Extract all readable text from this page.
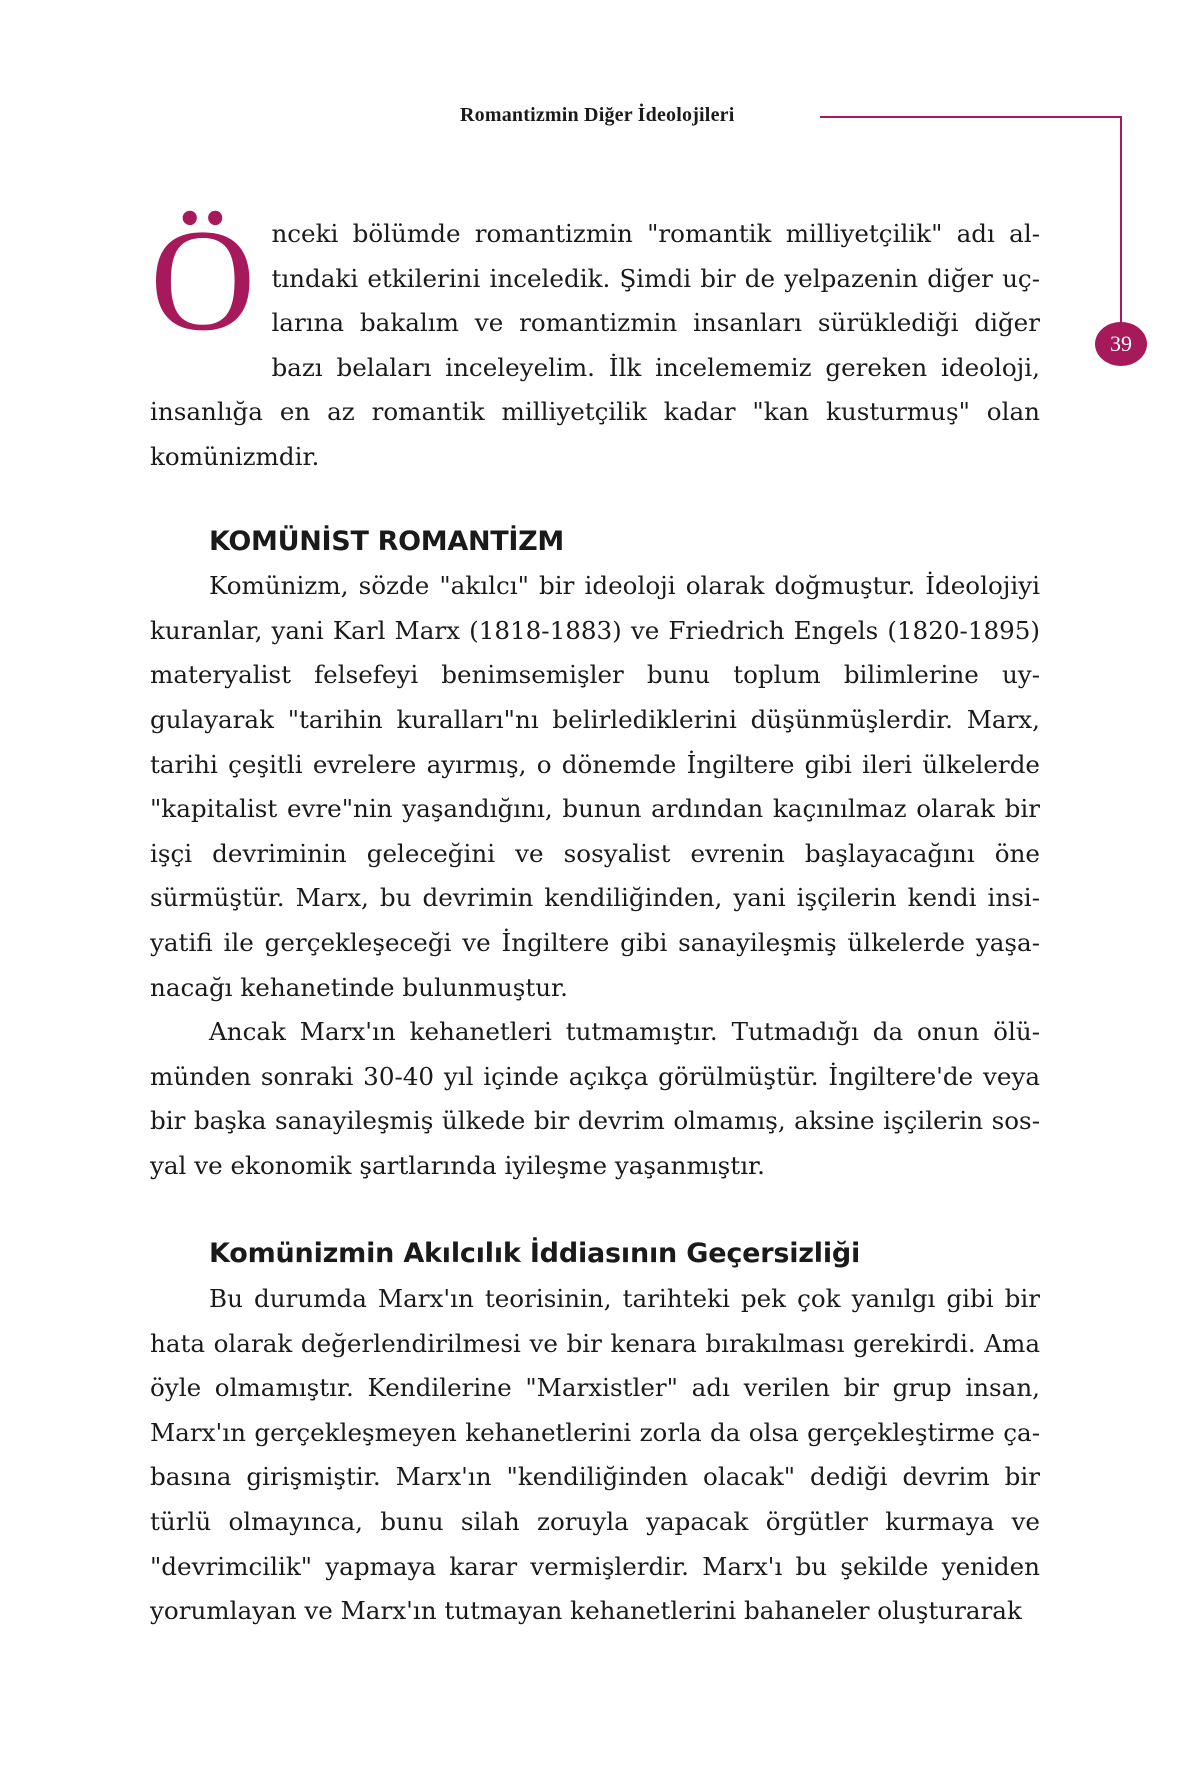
Romantizmin Diğer İdeolojileri
39

Önceki bölümde romantizmin "romantik milliyetçilik" adı altındaki etkilerini inceledik. Şimdi bir de yelpazenin diğer uçlarına bakalım ve romantizmin insanları sürüklediği diğer bazı belaları inceleyelim. İlk incelememiz gereken ideoloji, insanlığa en az romantik milliyetçilik kadar "kan kusturmuş" olan komünizmdir.

KOMÜNİST ROMANTİZM

Komünizm, sözde "akılcı" bir ideoloji olarak doğmuştur. İdeolojiyi kuranlar, yani Karl Marx (1818-1883) ve Friedrich Engels (1820-1895) materyalist felsefeyi benimsemişler bunu toplum bilimlerine uygulayarak "tarihin kuralları"nı belirlediklerini düşünmüşlerdir. Marx, tarihi çeşitli evrelere ayırmış, o dönemde İngiltere gibi ileri ülkelerde "kapitalist evre"nin yaşandığını, bunun ardından kaçınılmaz olarak bir işçi devriminin geleceğini ve sosyalist evrenin başlayacağını öne sürmüştür. Marx, bu devrimin kendiliğinden, yani işçilerin kendi insiyatifi ile gerçekleşeceği ve İngiltere gibi sanayileşmiş ülkelerde yaşanacağı kehanetinde bulunmuştur.

Ancak Marx'ın kehanetleri tutmamıştır. Tutmadığı da onun ölümünden sonraki 30-40 yıl içinde açıkça görülmüştür. İngiltere'de veya bir başka sanayileşmiş ülkede bir devrim olmamış, aksine işçilerin sosyal ve ekonomik şartlarında iyileşme yaşanmıştır.

Komünizmin Akılcılık İddiasının Geçersizliği

Bu durumda Marx'ın teorisinin, tarihteki pek çok yanılgı gibi bir hata olarak değerlendirilmesi ve bir kenara bırakılması gerekirdi. Ama öyle olmamıştır. Kendilerine "Marxistler" adı verilen bir grup insan, Marx'ın gerçekleşmeyen kehanetlerini zorla da olsa gerçekleştirme çabasına girişmiştir. Marx'ın "kendiliğinden olacak" dediği devrim bir türlü olmayınca, bunu silah zoruyla yapacak örgütler kurmaya ve "devrimcilik" yapmaya karar vermişlerdir. Marx'ı bu şekilde yeniden yorumlayan ve Marx'ın tutmayan kehanetlerini bahaneler oluşturarak
